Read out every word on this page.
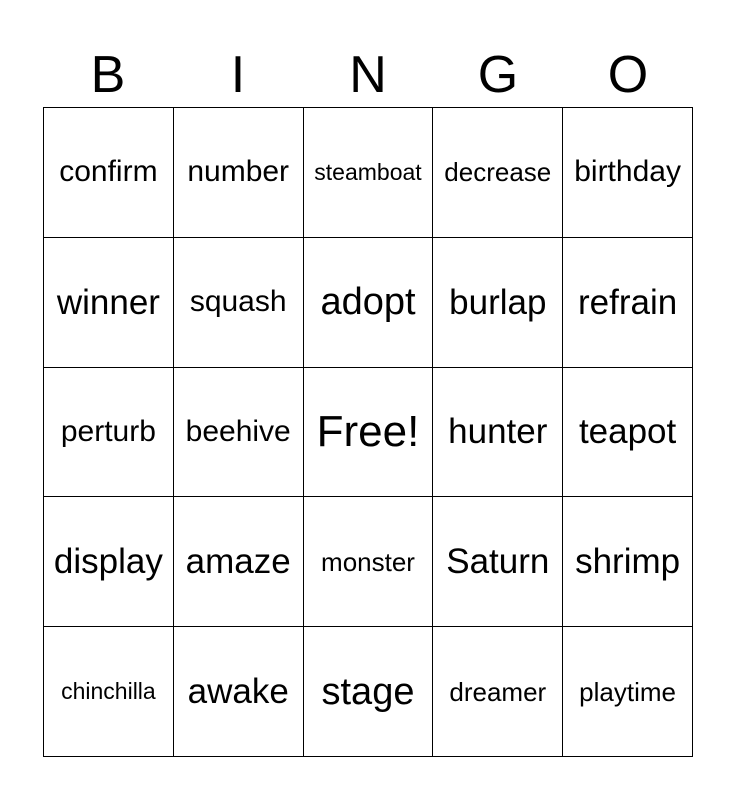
B	I	N	G	O
confirm number	steamboat decrease birthday
winner squash adopt burlap refrain
perturb beehive Free! hunter teapot
display amaze	monster Saturn shrimp
chinchilla awake stage	dreamer	playtime
